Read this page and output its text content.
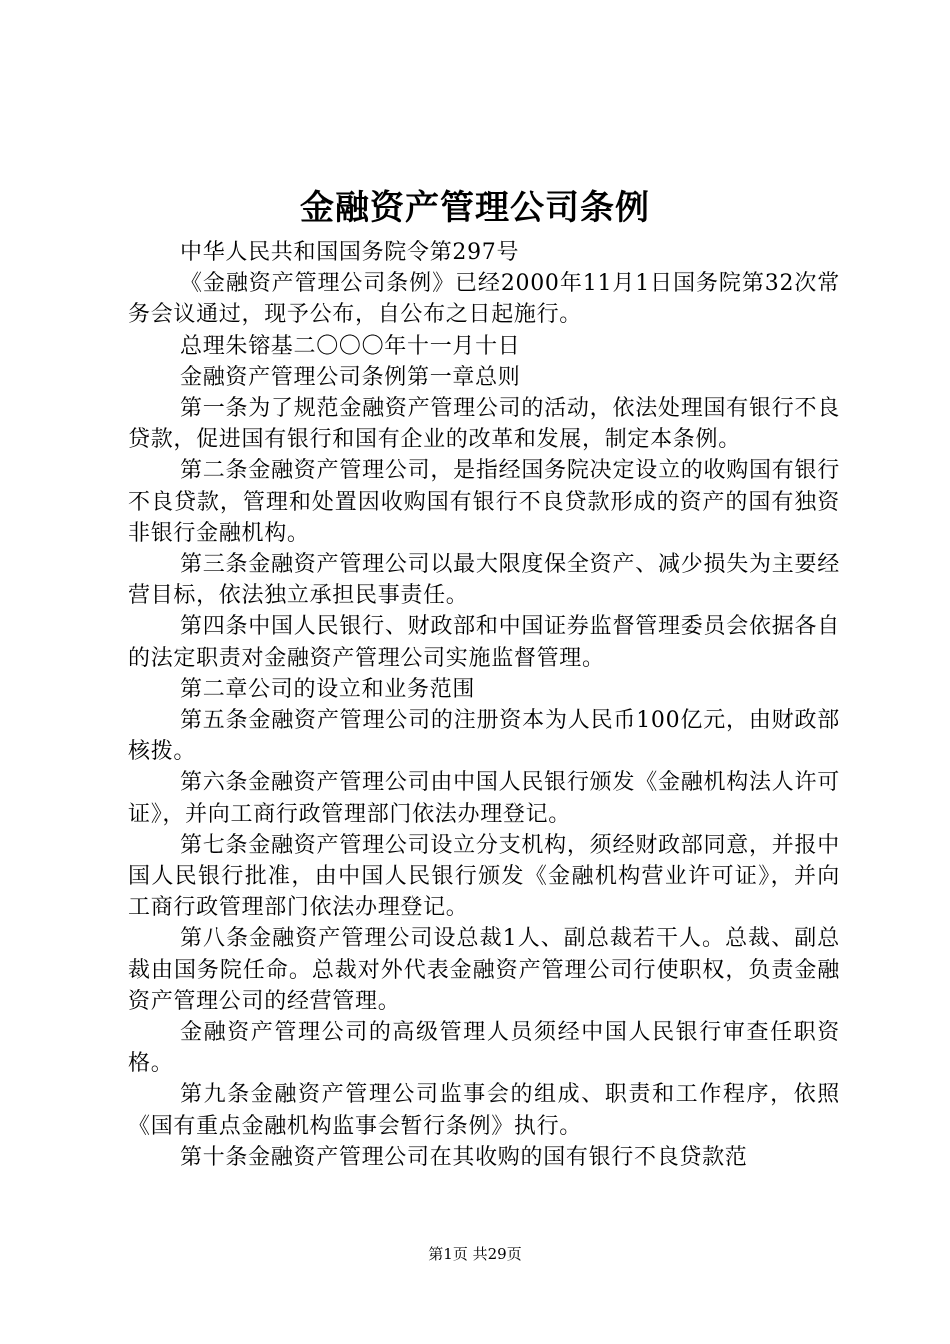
金融资产管理公司条例

中华人民共和国国务院令第297号

《金融资产管理公司条例》已经2000年11月1日国务院第32次常务会议通过，现予公布，自公布之日起施行。

总理朱镕基二〇〇〇年十一月十日

金融资产管理公司条例第一章总则

第一条为了规范金融资产管理公司的活动，依法处理国有银行不良贷款，促进国有银行和国有企业的改革和发展，制定本条例。

第二条金融资产管理公司，是指经国务院决定设立的收购国有银行不良贷款，管理和处置因收购国有银行不良贷款形成的资产的国有独资非银行金融机构。

第三条金融资产管理公司以最大限度保全资产、减少损失为主要经营目标，依法独立承担民事责任。

第四条中国人民银行、财政部和中国证券监督管理委员会依据各自的法定职责对金融资产管理公司实施监督管理。

第二章公司的设立和业务范围

第五条金融资产管理公司的注册资本为人民币100亿元，由财政部核拨。

第六条金融资产管理公司由中国人民银行颁发《金融机构法人许可证》，并向工商行政管理部门依法办理登记。

第七条金融资产管理公司设立分支机构，须经财政部同意，并报中国人民银行批准，由中国人民银行颁发《金融机构营业许可证》，并向工商行政管理部门依法办理登记。

第八条金融资产管理公司设总裁1人、副总裁若干人。总裁、副总裁由国务院任命。总裁对外代表金融资产管理公司行使职权，负责金融资产管理公司的经营管理。

金融资产管理公司的高级管理人员须经中国人民银行审查任职资格。

第九条金融资产管理公司监事会的组成、职责和工作程序，依照《国有重点金融机构监事会暂行条例》执行。

第十条金融资产管理公司在其收购的国有银行不良贷款范

第1页 共29页
